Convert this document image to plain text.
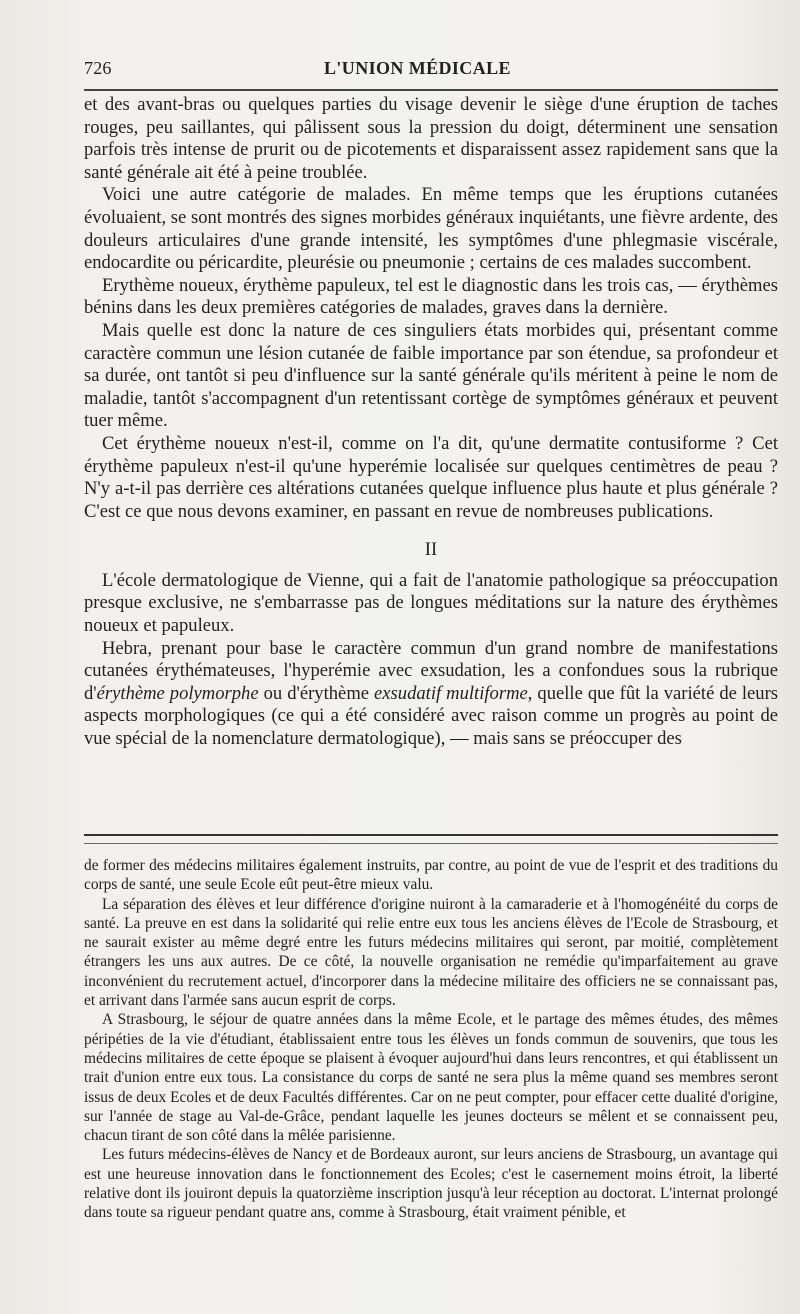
726	L'UNION MÉDICALE

et des avant-bras ou quelques parties du visage devenir le siège d'une éruption de taches rouges, peu saillantes, qui pâlissent sous la pression du doigt, déterminent une sensation parfois très intense de prurit ou de picotements et disparaissent assez rapidement sans que la santé générale ait été à peine troublée.

Voici une autre catégorie de malades. En même temps que les éruptions cutanées évoluaient, se sont montrés des signes morbides généraux inquiétants, une fièvre ardente, des douleurs articulaires d'une grande intensité, les symptômes d'une phlegmasie viscérale, endocardite ou péricardite, pleurésie ou pneumonie ; certains de ces malades succombent.

Erythème noueux, érythème papuleux, tel est le diagnostic dans les trois cas, — érythèmes bénins dans les deux premières catégories de malades, graves dans la dernière.

Mais quelle est donc la nature de ces singuliers états morbides qui, présentant comme caractère commun une lésion cutanée de faible importance par son étendue, sa profondeur et sa durée, ont tantôt si peu d'influence sur la santé générale qu'ils méritent à peine le nom de maladie, tantôt s'accompagnent d'un retentissant cortège de symptômes généraux et peuvent tuer même.

Cet érythème noueux n'est-il, comme on l'a dit, qu'une dermatite contusiforme ? Cet érythème papuleux n'est-il qu'une hyperémie localisée sur quelques centimètres de peau ? N'y a-t-il pas derrière ces altérations cutanées quelque influence plus haute et plus générale ? C'est ce que nous devons examiner, en passant en revue de nombreuses publications.

II

L'école dermatologique de Vienne, qui a fait de l'anatomie pathologique sa préoccupation presque exclusive, ne s'embarrasse pas de longues méditations sur la nature des érythèmes noueux et papuleux.

Hebra, prenant pour base le caractère commun d'un grand nombre de manifestations cutanées érythémateuses, l'hyperémie avec exsudation, les a confondues sous la rubrique d'érythème polymorphe ou d'érythème exsudatif multiforme, quelle que fût la variété de leurs aspects morphologiques (ce qui a été considéré avec raison comme un progrès au point de vue spécial de la nomenclature dermatologique), — mais sans se préoccuper des

de former des médecins militaires également instruits, par contre, au point de vue de l'esprit et des traditions du corps de santé, une seule Ecole eût peut-être mieux valu.

La séparation des élèves et leur différence d'origine nuiront à la camaraderie et à l'homogénéité du corps de santé. La preuve en est dans la solidarité qui relie entre eux tous les anciens élèves de l'Ecole de Strasbourg, et ne saurait exister au même degré entre les futurs médecins militaires qui seront, par moitié, complètement étrangers les uns aux autres. De ce côté, la nouvelle organisation ne remédie qu'imparfaitement au grave inconvénient du recrutement actuel, d'incorporer dans la médecine militaire des officiers ne se connaissant pas, et arrivant dans l'armée sans aucun esprit de corps.

A Strasbourg, le séjour de quatre années dans la même Ecole, et le partage des mêmes études, des mêmes péripéties de la vie d'étudiant, établissaient entre tous les élèves un fonds commun de souvenirs, que tous les médecins militaires de cette époque se plaisent à évoquer aujourd'hui dans leurs rencontres, et qui établissent un trait d'union entre eux tous. La consistance du corps de santé ne sera plus la même quand ses membres seront issus de deux Ecoles et de deux Facultés différentes. Car on ne peut compter, pour effacer cette dualité d'origine, sur l'année de stage au Val-de-Grâce, pendant laquelle les jeunes docteurs se mêlent et se connaissent peu, chacun tirant de son côté dans la mêlée parisienne.

Les futurs médecins-élèves de Nancy et de Bordeaux auront, sur leurs anciens de Strasbourg, un avantage qui est une heureuse innovation dans le fonctionnement des Ecoles; c'est le casernement moins étroit, la liberté relative dont ils jouiront depuis la quatorzième inscription jusqu'à leur réception au doctorat. L'internat prolongé dans toute sa rigueur pendant quatre ans, comme à Strasbourg, était vraiment pénible, et
